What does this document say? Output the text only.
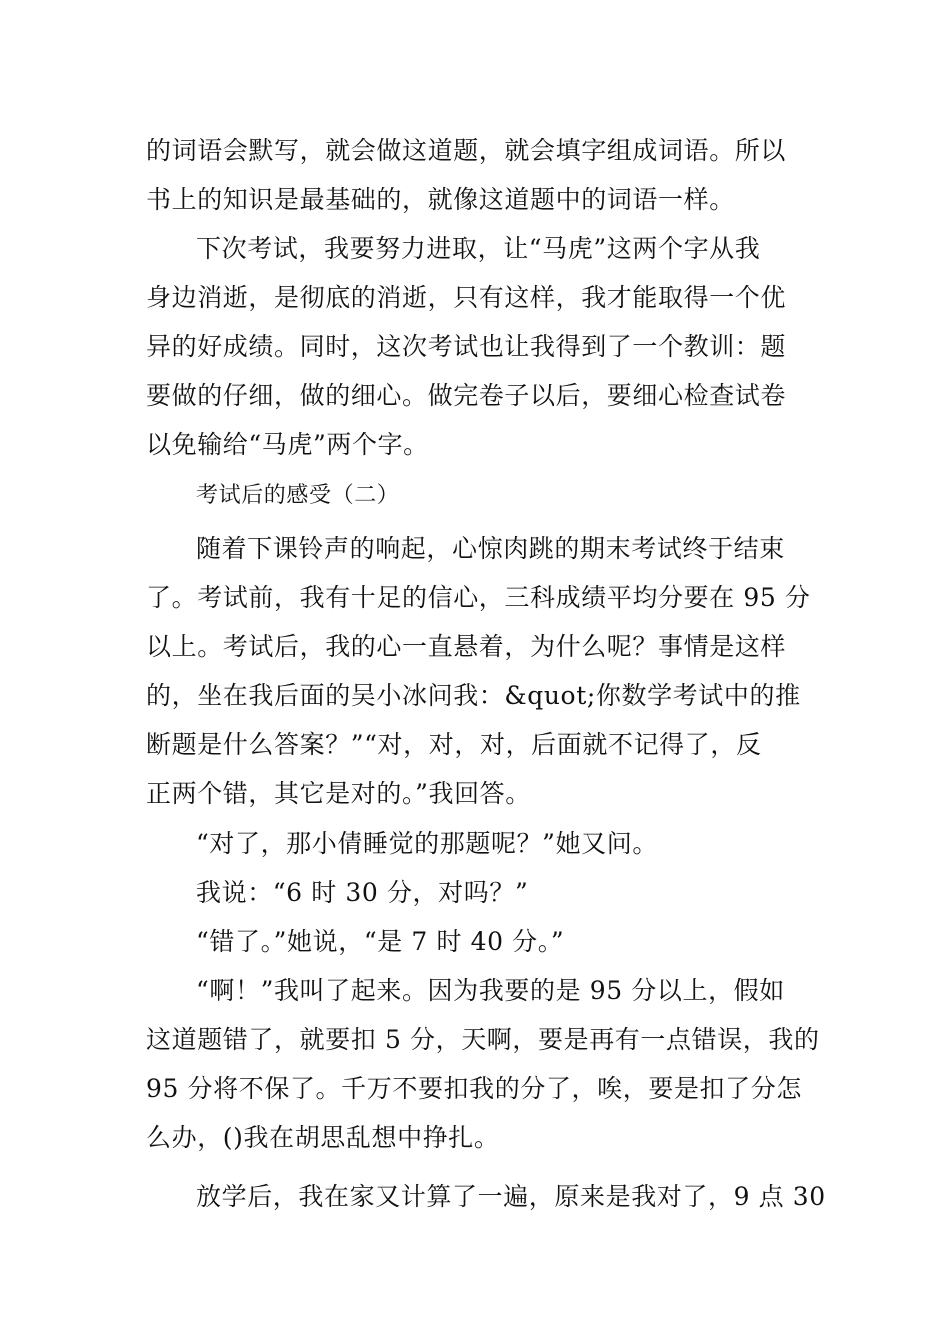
的词语会默写，就会做这道题，就会填字组成词语。所以
书上的知识是最基础的，就像这道题中的词语一样。
下次考试，我要努力进取，让“马虎”这两个字从我
身边消逝，是彻底的消逝，只有这样，我才能取得一个优
异的好成绩。同时，这次考试也让我得到了一个教训：题
要做的仔细，做的细心。做完卷子以后，要细心检查试卷
以免输给“马虎”两个字。
考试后的感受（二）
随着下课铃声的响起，心惊肉跳的期末考试终于结束
了。考试前，我有十足的信心，三科成绩平均分要在 95 分
以上。考试后，我的心一直悬着，为什么呢？事情是这样
的，坐在我后面的吴小冰问我：&quot;你数学考试中的推
断题是什么答案？”“对，对，对，后面就不记得了，反
正两个错，其它是对的。”我回答。
“对了，那小倩睡觉的那题呢？”她又问。
我说：“6 时 30 分，对吗？”
“错了。”她说，“是 7 时 40 分。”
“啊！”我叫了起来。因为我要的是 95 分以上，假如
这道题错了，就要扣 5 分，天啊，要是再有一点错误，我的
95 分将不保了。千万不要扣我的分了，唉，要是扣了分怎
么办，()我在胡思乱想中挣扎。
放学后，我在家又计算了一遍，原来是我对了，9 点 30
